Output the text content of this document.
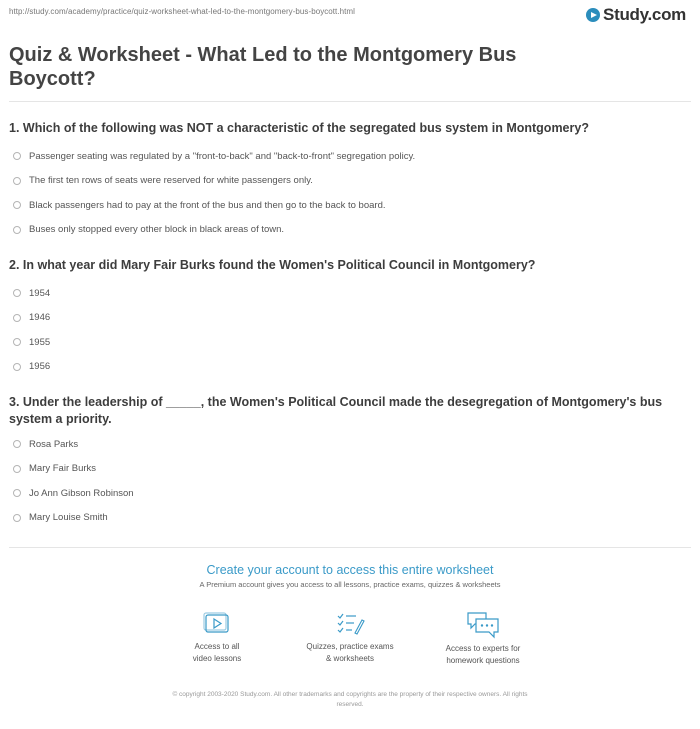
http://study.com/academy/practice/quiz-worksheet-what-led-to-the-montgomery-bus-boycott.html	Study.com
Quiz & Worksheet - What Led to the Montgomery Bus Boycott?

1. Which of the following was NOT a characteristic of the segregated bus system in Montgomery?

Passenger seating was regulated by a "front-to-back" and "back-to-front" segregation policy.
The first ten rows of seats were reserved for white passengers only.
Black passengers had to pay at the front of the bus and then go to the back to board.
Buses only stopped every other block in black areas of town.

2. In what year did Mary Fair Burks found the Women's Political Council in Montgomery?

1954
1946
1955
1956

3. Under the leadership of _____, the Women's Political Council made the desegregation of Montgomery's bus system a priority.

Rosa Parks
Mary Fair Burks
Jo Ann Gibson Robinson
Mary Louise Smith
Create your account to access this entire worksheet
A Premium account gives you access to all lessons, practice exams, quizzes & worksheets
Access to all
video lessons
Quizzes, practice exams
& worksheets
Access to experts for
homework questions
© copyright 2003-2020 Study.com. All other trademarks and copyrights are the property of their respective owners. All rights
reserved.
